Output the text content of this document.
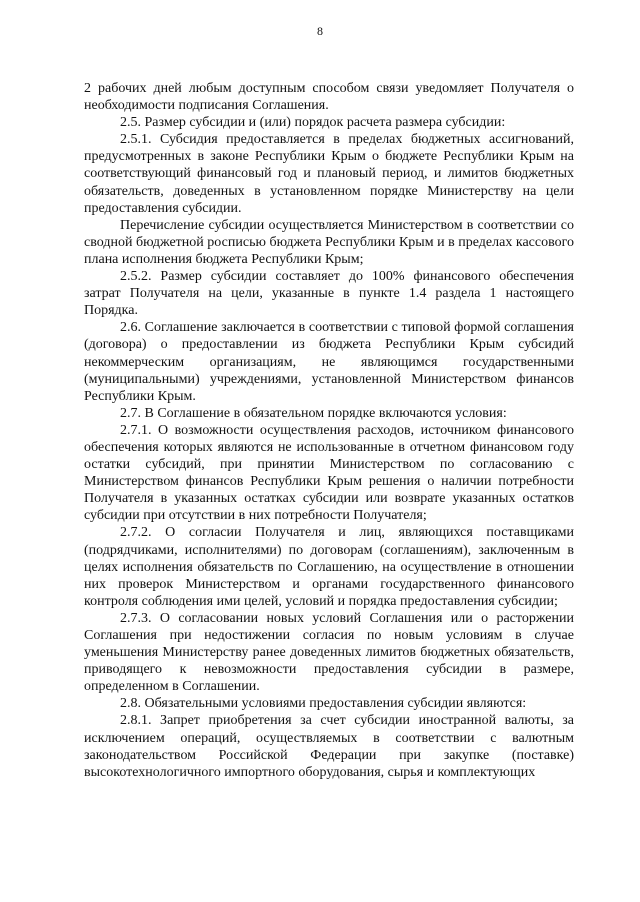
8

2 рабочих дней любым доступным способом связи уведомляет Получателя о необходимости подписания Соглашения.

2.5. Размер субсидии и (или) порядок расчета размера субсидии:

2.5.1. Субсидия предоставляется в пределах бюджетных ассигнований, предусмотренных в законе Республики Крым о бюджете Республики Крым на соответствующий финансовый год и плановый период, и лимитов бюджетных обязательств, доведенных в установленном порядке Министерству на цели предоставления субсидии.

Перечисление субсидии осуществляется Министерством в соответствии со сводной бюджетной росписью бюджета Республики Крым и в пределах кассового плана исполнения бюджета Республики Крым;

2.5.2. Размер субсидии составляет до 100% финансового обеспечения затрат Получателя на цели, указанные в пункте 1.4 раздела 1 настоящего Порядка.

2.6. Соглашение заключается в соответствии с типовой формой соглашения (договора) о предоставлении из бюджета Республики Крым субсидий некоммерческим организациям, не являющимся государственными (муниципальными) учреждениями, установленной Министерством финансов Республики Крым.

2.7. В Соглашение в обязательном порядке включаются условия:

2.7.1. О возможности осуществления расходов, источником финансового обеспечения которых являются не использованные в отчетном финансовом году остатки субсидий, при принятии Министерством по согласованию с Министерством финансов Республики Крым решения о наличии потребности Получателя в указанных остатках субсидии или возврате указанных остатков субсидии при отсутствии в них потребности Получателя;

2.7.2. О согласии Получателя и лиц, являющихся поставщиками (подрядчиками, исполнителями) по договорам (соглашениям), заключенным в целях исполнения обязательств по Соглашению, на осуществление в отношении них проверок Министерством и органами государственного финансового контроля соблюдения ими целей, условий и порядка предоставления субсидии;

2.7.3. О согласовании новых условий Соглашения или о расторжении Соглашения при недостижении согласия по новым условиям в случае уменьшения Министерству ранее доведенных лимитов бюджетных обязательств, приводящего к невозможности предоставления субсидии в размере, определенном в Соглашении.

2.8. Обязательными условиями предоставления субсидии являются:

2.8.1. Запрет приобретения за счет субсидии иностранной валюты, за исключением операций, осуществляемых в соответствии с валютным законодательством Российской Федерации при закупке (поставке) высокотехнологичного импортного оборудования, сырья и комплектующих
